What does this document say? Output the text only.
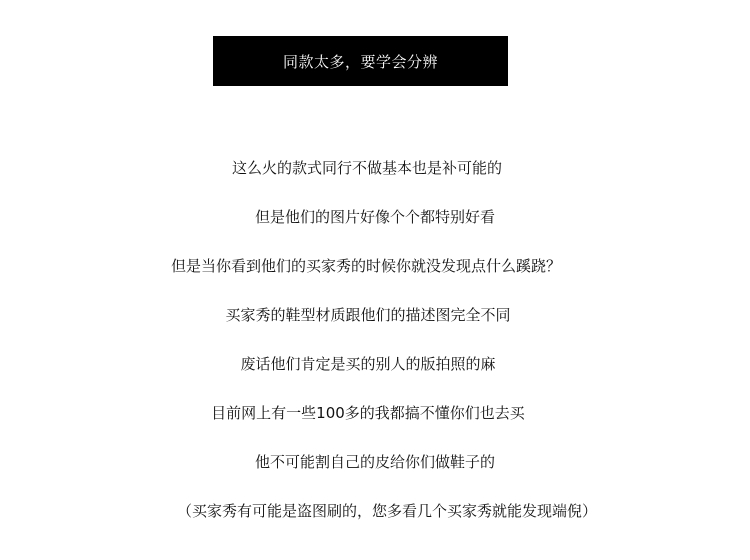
同款太多，要学会分辨
这么火的款式同行不做基本也是补可能的
但是他们的图片好像个个都特别好看
但是当你看到他们的买家秀的时候你就没发现点什么蹊跷？
买家秀的鞋型材质跟他们的描述图完全不同
废话他们肯定是买的别人的版拍照的麻
目前网上有一些100多的我都搞不懂你们也去买
他不可能割自己的皮给你们做鞋子的
（买家秀有可能是盗图刷的，您多看几个买家秀就能发现端倪）
